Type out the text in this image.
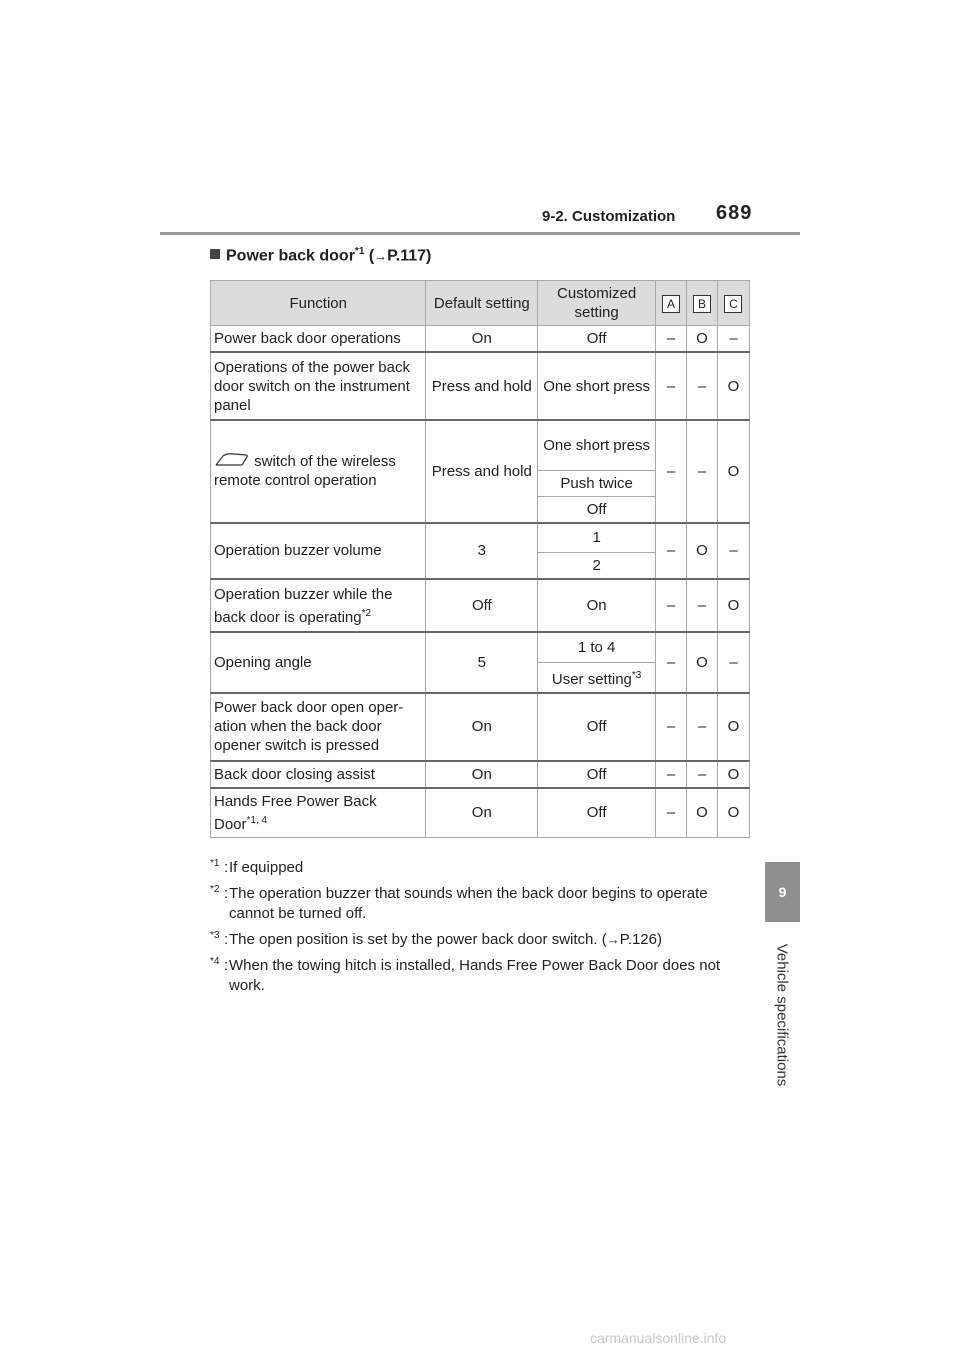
9-2. Customization 689
9
Vehicle specifications
Power back door$^{*1}$ (→P.117)
Function	Default setting	Customized setting	A	B	C
Power back door operations	On	Off	–	O	–
Operations of the power back door switch on the instrument panel	Press and hold	One short press	–	–	O
switch of the wireless remote control operation	Press and hold	One short press	–	–	O
		Push twice			
		Off			
Operation buzzer volume	3	1	–	O	–
		2			
Operation buzzer while the back door is operating$^{*2}$	Off	On	–	–	O
Opening angle	5	1 to 4	–	O	–
		User setting$^{*3}$
Power back door open oper- ation when the back door opener switch is pressed	On	Off	–	–	O
Back door closing assist	On	Off	–	–	O
Hands Free Power Back Door$^{*1, 4}$	On	Off	–	O	O
*1 : If equipped
*2 : The operation buzzer that sounds when the back door begins to operate cannot be turned off.
*3 : The open position is set by the power back door switch. (→P.126)
*4 : When the towing hitch is installed, Hands Free Power Back Door does not work.
carmanualsonline.info
